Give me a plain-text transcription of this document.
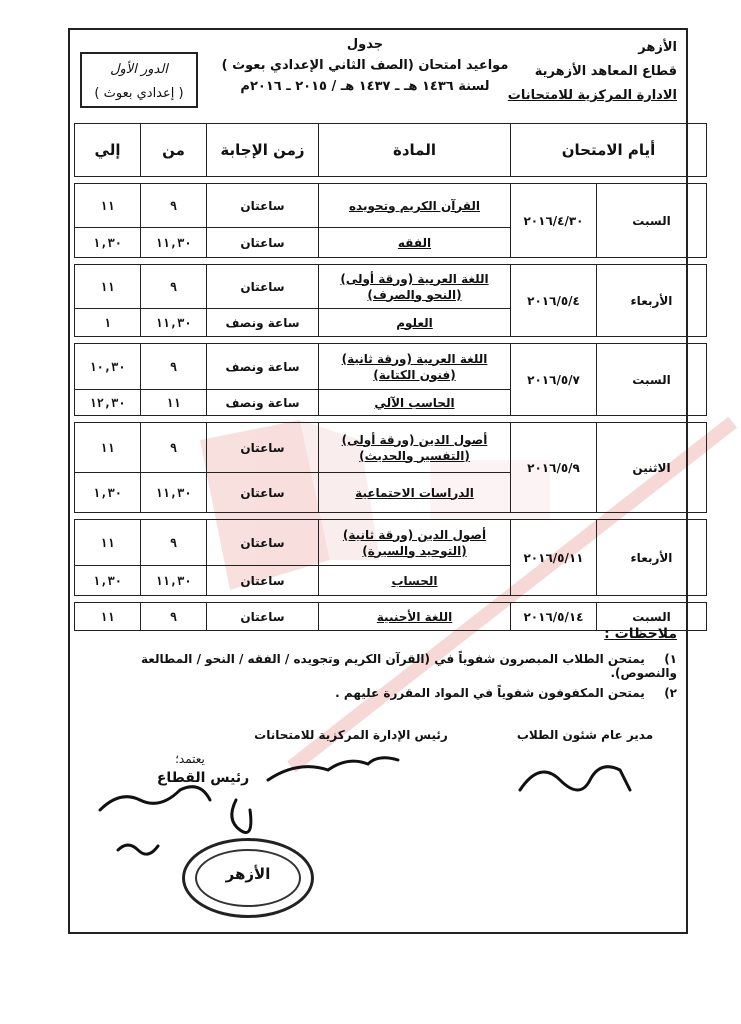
الأزهر
قطاع المعاهد الأزهرية
الادارة المركزية للامتحانات
جدول
مواعيد امتحان (الصف الثاني الإعدادي بعوث )
لسنة ١٤٣٦ هـ ـ ١٤٣٧ هـ / ٢٠١٥ ـ ٢٠١٦م
الدور الأول
( إعدادي بعوث )
أيام الامتحان		المادة	زمن الإجابة	من	إلي

السبت	٢٠١٦/٤/٣٠	القرآن الكريم وتجويده	ساعتان	٩	١١
		الفقه	ساعتان	١١,٣٠	١,٣٠

الأربعاء	٢٠١٦/٥/٤	اللغة العربية (ورقة أولى)
(النحو والصرف)	ساعتان	٩	١١
		العلوم	ساعة ونصف	١١,٣٠	١

السبت	٢٠١٦/٥/٧	اللغة العربية (ورقة ثانية)
(فنون الكتابة)	ساعة ونصف	٩	١٠,٣٠
		الحاسب الآلي	ساعة ونصف	١١	١٢,٣٠

الاثنين	٢٠١٦/٥/٩	أصول الدين (ورقة أولى)
(التفسير والحديث)	ساعتان	٩	١١
		الدراسات الاجتماعية	ساعتان	١١,٣٠	١,٣٠

الأربعاء	٢٠١٦/٥/١١	أصول الدين (ورقة ثانية)
(التوحيد والسيرة)	ساعتان	٩	١١
		الحساب	ساعتان	١١,٣٠	١,٣٠

السبت	٢٠١٦/٥/١٤	اللغة الأجنبية	ساعتان	٩	١١
ملاحظات :
١) يمتحن الطلاب المبصرون شفوياً في (القرآن الكريم وتجويده / الفقه / النحو / المطالعة والنصوص).
٢) يمتحن المكفوفون شفوياً في المواد المقررة عليهم .
مدير عام شئون الطلاب
رئيس الإدارة المركزية للامتحانات
يعتمد؛
رئيس القطاع
الأزهر
